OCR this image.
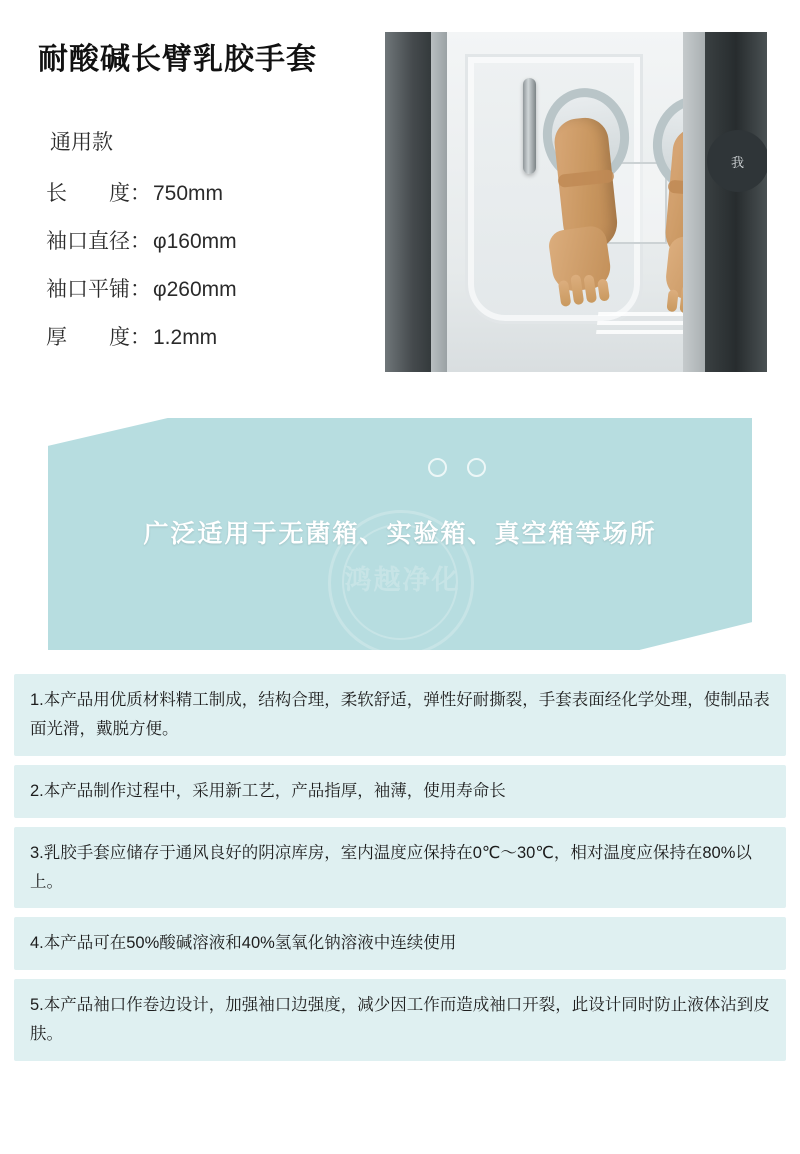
耐酸碱长臂乳胶手套
通用款
长　　度： 750mm
袖口直径： φ160mm
袖口平铺： φ260mm
厚　　度： 1.2mm
我
鸿越净化
广泛适用于无菌箱、实验箱、真空箱等场所
1.本产品用优质材料精工制成，结构合理，柔软舒适，弹性好耐撕裂，手套表面经化学处理，使制品表面光滑，戴脱方便。
2.本产品制作过程中，采用新工艺，产品指厚，袖薄，使用寿命长
3.乳胶手套应储存于通风良好的阴凉库房，室内温度应保持在0℃～30℃，相对温度应保持在80%以上。
4.本产品可在50%酸碱溶液和40%氢氧化钠溶液中连续使用
5.本产品袖口作卷边设计，加强袖口边强度，减少因工作而造成袖口开裂，此设计同时防止液体沾到皮肤。
